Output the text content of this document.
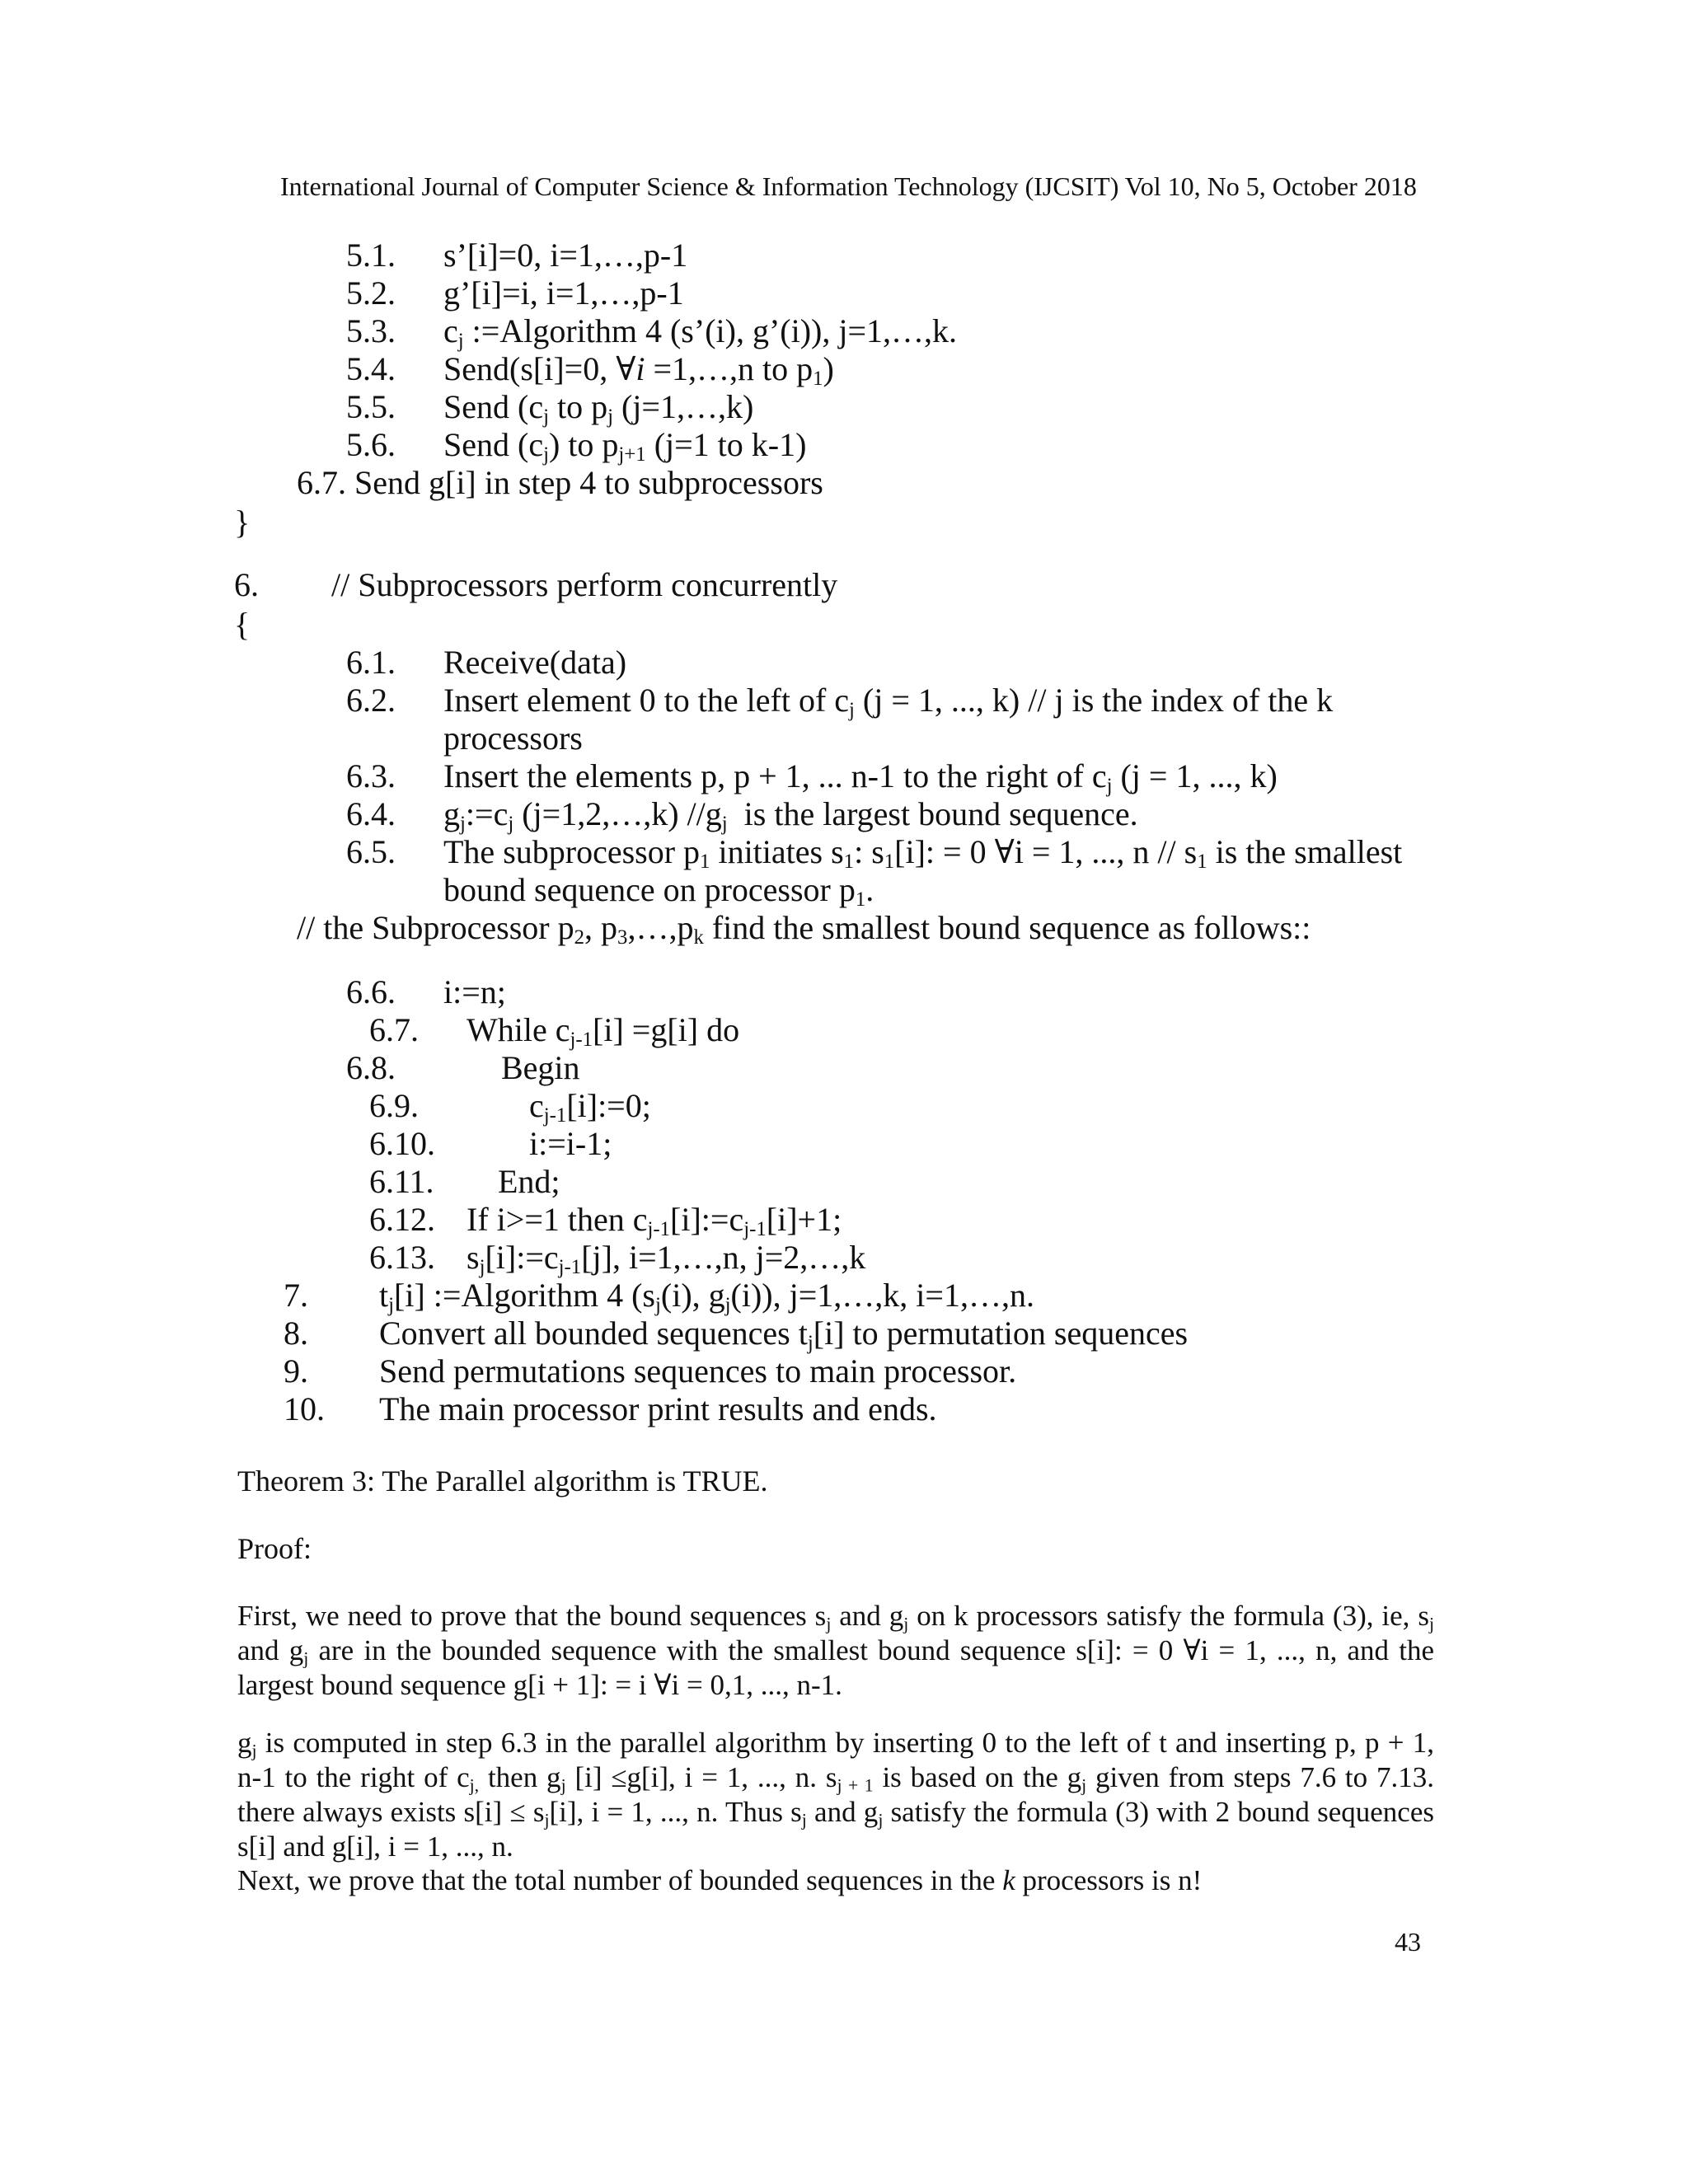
International Journal of Computer Science & Information Technology (IJCSIT) Vol 10, No 5, October 2018
5.1. s’[i]=0, i=1,…,p-1
5.2. g’[i]=i, i=1,…,p-1
5.3. $c_j$ :=Algorithm 4 (s’(i), g’(i)), j=1,…,k.
5.4. Send(s[i]=0, ∀i =1,…,n to $p_1$)
5.5. Send ($c_j$ to $p_j$ (j=1,…,k)
5.6. Send $(c_j)$ to $p_{j+1}$ (j=1 to k-1)
6.7. Send g[i] in step 4 to subprocessors
}
6. // Subprocessors perform concurrently
{
6.1. Receive(data)
6.2. Insert element 0 to the left of $c_j$ (j = 1, ..., k) // j is the index of the k
processors
6.3. Insert the elements p, p + 1, ... n-1 to the right of $c_j$ (j = 1, ..., k)
6.4. $g_j:=c_j$ (j=1,2,…,k) $//g_j$  is the largest bound sequence.
6.5. The subprocessor $p_1$ initiates $s_1$: $s_1[i]$: = 0 ∀i = 1, ..., n // $s_1$ is the smallest
bound sequence on processor $p_1$.
// the Subprocessor $p_2$, $p_3,\dots,p_k$ find the smallest bound sequence as follows::
6.6. i:=n;
6.7. While $c_{j-1}[i] =g[i]$ do
6.8.	Begin
6.9.	$c_{j-1}[i]:=0$;
6.10.	i:=i-1;
6.11. End;
6.12. If i>=1 then $c_{j-1}[i]:=c_{j-1}[i]+1$;
6.13. $s_j[i]:=c_{j-1}[j]$, i=1,…,n, j=2,…,k
7. $t_j[i]$ :=Algorithm 4 ($s_j(i)$, $g_j(i)$), j=1,…,k, i=1,…,n.
8. Convert all bounded sequences $t_j[i]$ to permutation sequences
9. Send permutations sequences to main processor.
10. The main processor print results and ends.
Theorem 3: The Parallel algorithm is TRUE.
Proof:
First, we need to prove that the bound sequences $s_j$ and $g_j$ on k processors satisfy the formula (3), ie, $s_j$ and $g_j$ are in the bounded sequence with the smallest bound sequence s[i]: = 0 ∀i = 1, ..., n, and the largest bound sequence g[i + 1]: = i ∀i = 0,1, ..., n-1.
$g_j$ is computed in step 6.3 in the parallel algorithm by inserting 0 to the left of t and inserting p, p + 1, n-1 to the right of $c_{j,}$ then $g_j$ [i] ≤g[i], i = 1, ..., n. $s_{j + 1}$ is based on the $g_j$ given from steps 7.6 to 7.13. there always exists $s[i] \le s_j[i]$, i = 1, ..., n. Thus $s_j$ and $g_j$ satisfy the formula (3) with 2 bound sequences s[i] and g[i], i = 1, ..., n.
Next, we prove that the total number of bounded sequences in the k processors is n!
43
